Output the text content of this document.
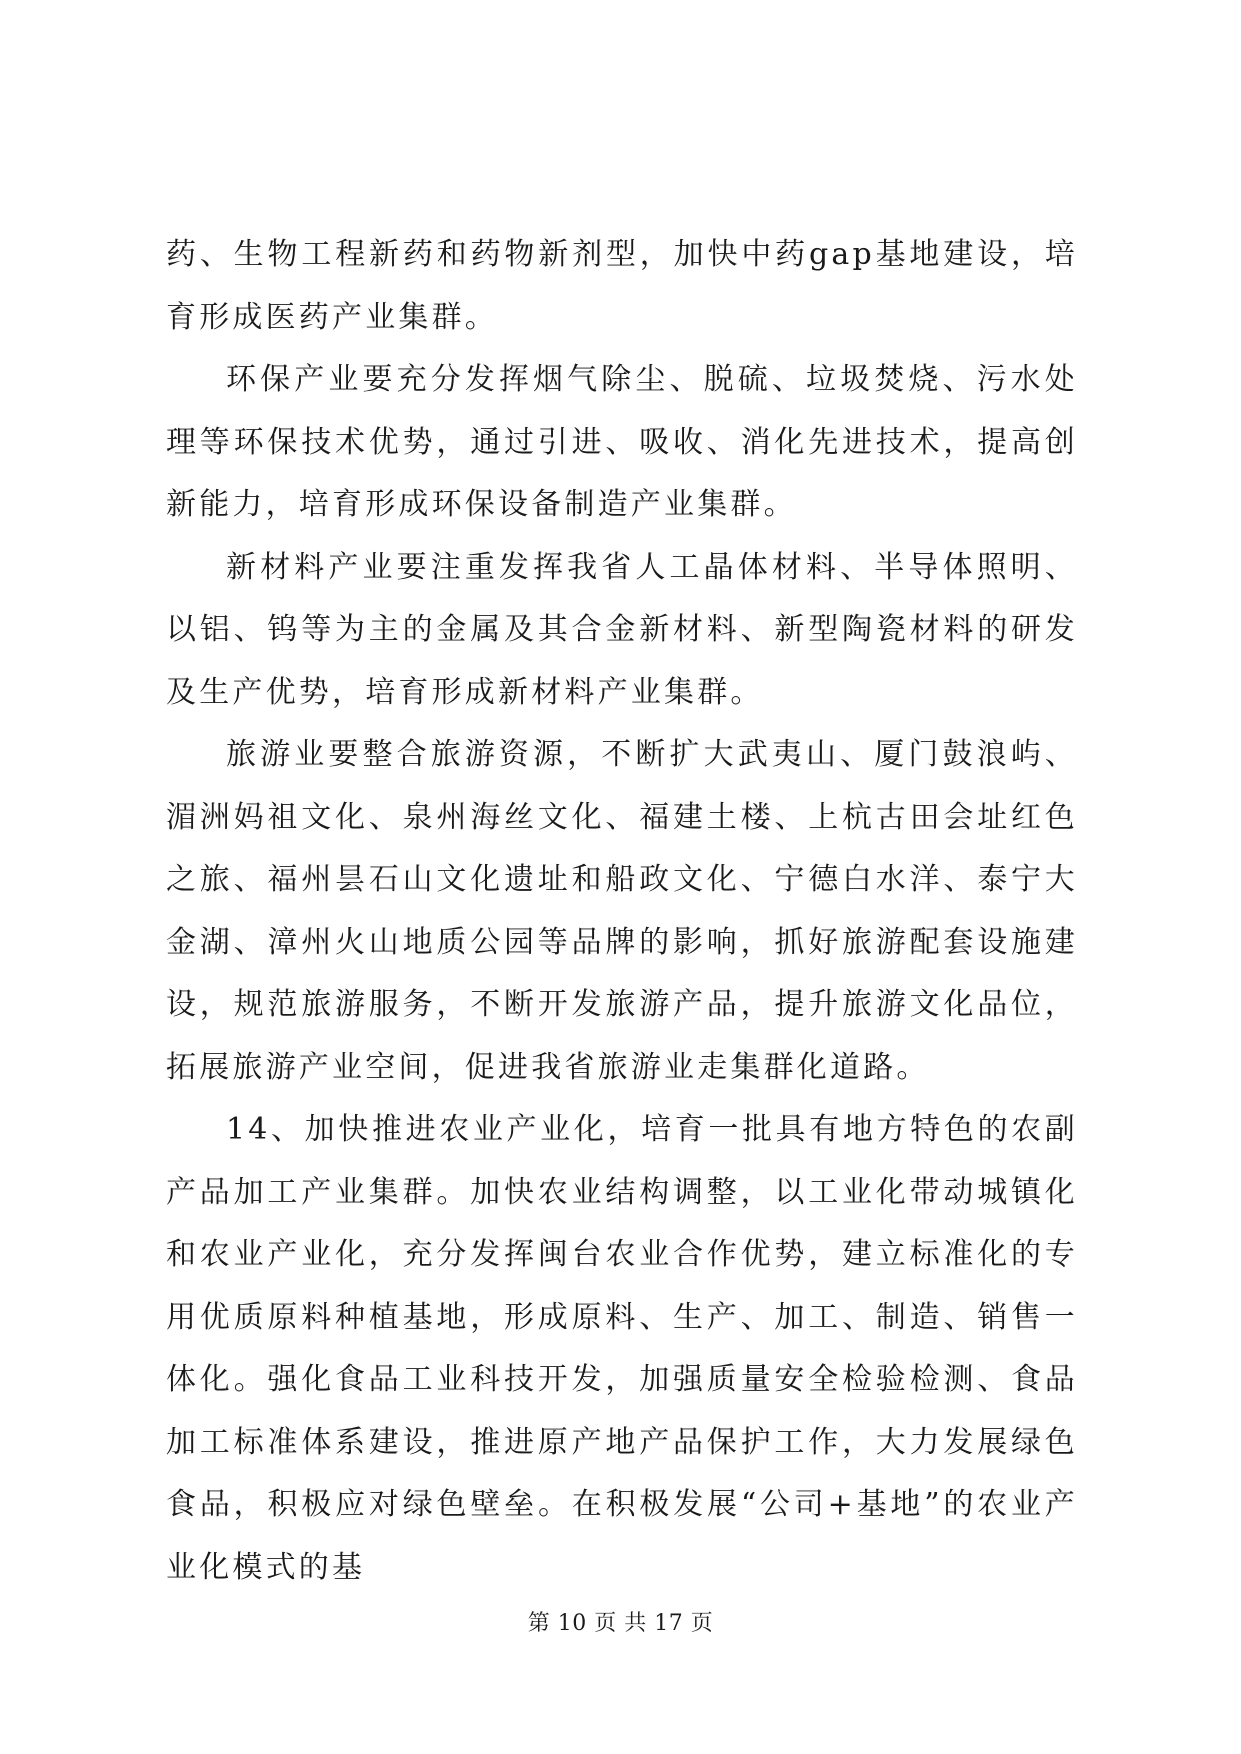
药、生物工程新药和药物新剂型，加快中药gap基地建设，培育形成医药产业集群。

环保产业要充分发挥烟气除尘、脱硫、垃圾焚烧、污水处理等环保技术优势，通过引进、吸收、消化先进技术，提高创新能力，培育形成环保设备制造产业集群。

新材料产业要注重发挥我省人工晶体材料、半导体照明、以铝、钨等为主的金属及其合金新材料、新型陶瓷材料的研发及生产优势，培育形成新材料产业集群。

旅游业要整合旅游资源，不断扩大武夷山、厦门鼓浪屿、湄洲妈祖文化、泉州海丝文化、福建土楼、上杭古田会址红色之旅、福州昙石山文化遗址和船政文化、宁德白水洋、泰宁大金湖、漳州火山地质公园等品牌的影响，抓好旅游配套设施建设，规范旅游服务，不断开发旅游产品，提升旅游文化品位，拓展旅游产业空间，促进我省旅游业走集群化道路。

14、加快推进农业产业化，培育一批具有地方特色的农副产品加工产业集群。加快农业结构调整，以工业化带动城镇化和农业产业化，充分发挥闽台农业合作优势，建立标准化的专用优质原料种植基地，形成原料、生产、加工、制造、销售一体化。强化食品工业科技开发，加强质量安全检验检测、食品加工标准体系建设，推进原产地产品保护工作，大力发展绿色食品，积极应对绿色壁垒。在积极发展“公司+基地”的农业产业化模式的基

第 10 页 共 17 页
